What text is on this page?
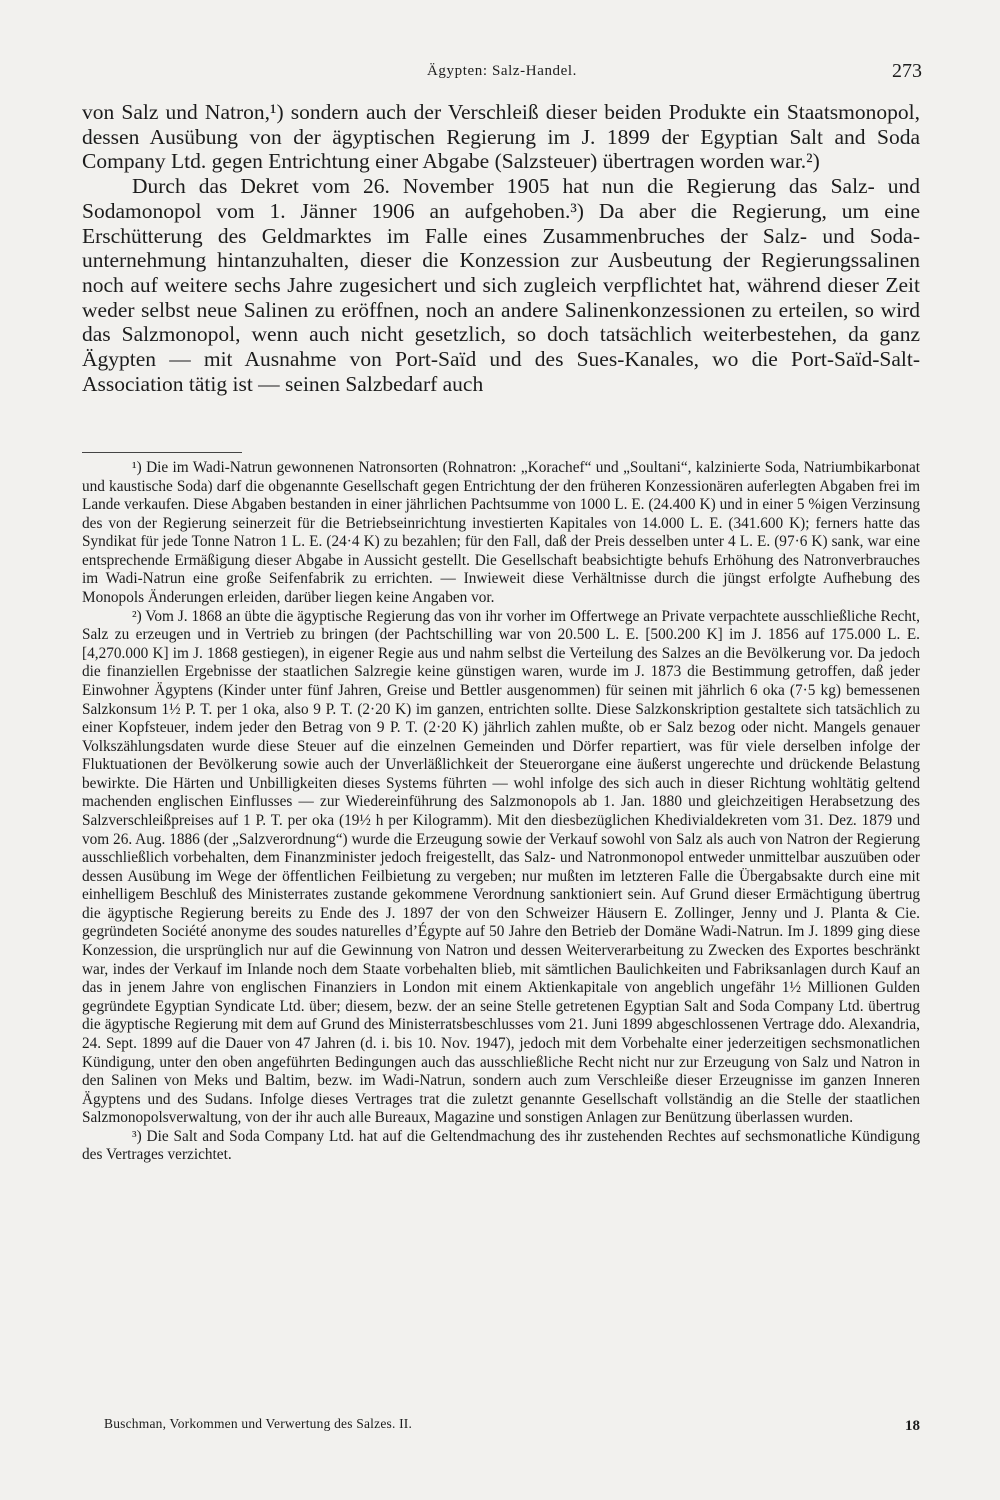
Ägypten: Salz-Handel.	273

von Salz und Natron,¹) sondern auch der Verschleiß dieser beiden Produkte ein Staatsmonopol, dessen Ausübung von der ägyptischen Regierung im J. 1899 der Egyptian Salt and Soda Company Ltd. gegen Entrichtung einer Abgabe (Salzsteuer) übertragen worden war.²)

Durch das Dekret vom 26. November 1905 hat nun die Regierung das Salz- und Sodamonopol vom 1. Jänner 1906 an aufgehoben.³) Da aber die Regierung, um eine Erschütterung des Geldmarktes im Falle eines Zusammenbruches der Salz- und Sodaunternehmung hintanzuhalten, dieser die Konzession zur Ausbeutung der Regierungssalinen noch auf weitere sechs Jahre zugesichert und sich zugleich verpflichtet hat, während dieser Zeit weder selbst neue Salinen zu eröffnen, noch an andere Salinenkonzessionen zu erteilen, so wird das Salzmonopol, wenn auch nicht gesetzlich, so doch tatsächlich weiterbestehen, da ganz Ägypten — mit Ausnahme von Port-Saïd und des Sues-Kanales, wo die Port-Saïd-Salt-Association tätig ist — seinen Salzbedarf auch

¹) Die im Wadi-Natrun gewonnenen Natronsorten (Rohnatron: „Korachef“ und „Soultani“, kalzinierte Soda, Natriumbikarbonat und kaustische Soda) darf die obgenannte Gesellschaft gegen Entrichtung der den früheren Konzessionären auferlegten Abgaben frei im Lande verkaufen. Diese Abgaben bestanden in einer jährlichen Pachtsumme von 1000 L. E. (24.400 K) und in einer 5 %igen Verzinsung des von der Regierung seinerzeit für die Betriebseinrichtung investierten Kapitales von 14.000 L. E. (341.600 K); ferners hatte das Syndikat für jede Tonne Natron 1 L. E. (24·4 K) zu bezahlen; für den Fall, daß der Preis desselben unter 4 L. E. (97·6 K) sank, war eine entsprechende Ermäßigung dieser Abgabe in Aussicht gestellt. Die Gesellschaft beabsichtigte behufs Erhöhung des Natronverbrauches im Wadi-Natrun eine große Seifenfabrik zu errichten. — Inwieweit diese Verhältnisse durch die jüngst erfolgte Aufhebung des Monopols Änderungen erleiden, darüber liegen keine Angaben vor.

²) Vom J. 1868 an übte die ägyptische Regierung das von ihr vorher im Offertwege an Private verpachtete ausschließliche Recht, Salz zu erzeugen und in Vertrieb zu bringen (der Pachtschilling war von 20.500 L. E. [500.200 K] im J. 1856 auf 175.000 L. E. [4,270.000 K] im J. 1868 gestiegen), in eigener Regie aus und nahm selbst die Verteilung des Salzes an die Bevölkerung vor. Da jedoch die finanziellen Ergebnisse der staatlichen Salzregie keine günstigen waren, wurde im J. 1873 die Bestimmung getroffen, daß jeder Einwohner Ägyptens (Kinder unter fünf Jahren, Greise und Bettler ausgenommen) für seinen mit jährlich 6 oka (7·5 kg) bemessenen Salzkonsum 1½ P. T. per 1 oka, also 9 P. T. (2·20 K) im ganzen, entrichten sollte. Diese Salzkonskription gestaltete sich tatsächlich zu einer Kopfsteuer, indem jeder den Betrag von 9 P. T. (2·20 K) jährlich zahlen mußte, ob er Salz bezog oder nicht. Mangels genauer Volkszählungsdaten wurde diese Steuer auf die einzelnen Gemeinden und Dörfer repartiert, was für viele derselben infolge der Fluktuationen der Bevölkerung sowie auch der Unverläßlichkeit der Steuerorgane eine äußerst ungerechte und drückende Belastung bewirkte. Die Härten und Unbilligkeiten dieses Systems führten — wohl infolge des sich auch in dieser Richtung wohltätig geltend machenden englischen Einflusses — zur Wiedereinführung des Salzmonopols ab 1. Jan. 1880 und gleichzeitigen Herabsetzung des Salzverschleißpreises auf 1 P. T. per oka (19½ h per Kilogramm). Mit den diesbezüglichen Khedivialdekreten vom 31. Dez. 1879 und vom 26. Aug. 1886 (der „Salzverordnung“) wurde die Erzeugung sowie der Verkauf sowohl von Salz als auch von Natron der Regierung ausschließlich vorbehalten, dem Finanzminister jedoch freigestellt, das Salz- und Natronmonopol entweder unmittelbar auszuüben oder dessen Ausübung im Wege der öffentlichen Feilbietung zu vergeben; nur mußten im letzteren Falle die Übergabsakte durch eine mit einhelligem Beschluß des Ministerrates zustande gekommene Verordnung sanktioniert sein. Auf Grund dieser Ermächtigung übertrug die ägyptische Regierung bereits zu Ende des J. 1897 der von den Schweizer Häusern E. Zollinger, Jenny und J. Planta & Cie. gegründeten Société anonyme des soudes naturelles d’Égypte auf 50 Jahre den Betrieb der Domäne Wadi-Natrun. Im J. 1899 ging diese Konzession, die ursprünglich nur auf die Gewinnung von Natron und dessen Weiterverarbeitung zu Zwecken des Exportes beschränkt war, indes der Verkauf im Inlande noch dem Staate vorbehalten blieb, mit sämtlichen Baulichkeiten und Fabriksanlagen durch Kauf an das in jenem Jahre von englischen Finanziers in London mit einem Aktienkapitale von angeblich ungefähr 1½ Millionen Gulden gegründete Egyptian Syndicate Ltd. über; diesem, bezw. der an seine Stelle getretenen Egyptian Salt and Soda Company Ltd. übertrug die ägyptische Regierung mit dem auf Grund des Ministerratsbeschlusses vom 21. Juni 1899 abgeschlossenen Vertrage ddo. Alexandria, 24. Sept. 1899 auf die Dauer von 47 Jahren (d. i. bis 10. Nov. 1947), jedoch mit dem Vorbehalte einer jederzeitigen sechsmonatlichen Kündigung, unter den oben angeführten Bedingungen auch das ausschließliche Recht nicht nur zur Erzeugung von Salz und Natron in den Salinen von Meks und Baltim, bezw. im Wadi-Natrun, sondern auch zum Verschleiße dieser Erzeugnisse im ganzen Inneren Ägyptens und des Sudans. Infolge dieses Vertrages trat die zuletzt genannte Gesellschaft vollständig an die Stelle der staatlichen Salzmonopolsverwaltung, von der ihr auch alle Bureaux, Magazine und sonstigen Anlagen zur Benützung überlassen wurden.

³) Die Salt and Soda Company Ltd. hat auf die Geltendmachung des ihr zustehenden Rechtes auf sechsmonatliche Kündigung des Vertrages verzichtet.

Buschman, Vorkommen und Verwertung des Salzes. II.	18
